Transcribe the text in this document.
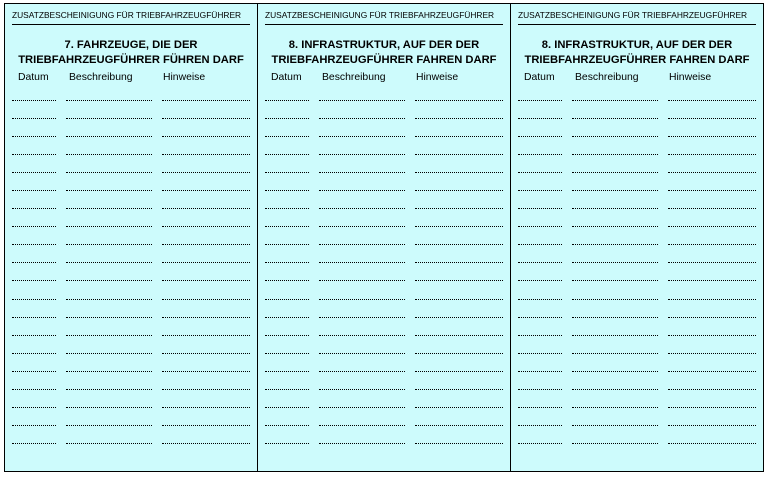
ZUSATZBESCHEINIGUNG FÜR TRIEBFAHRZEUGFÜHRER
7. FAHRZEUGE, DIE DER
TRIEBFAHRZEUGFÜHRER FÜHREN DARF
Datum Beschreibung	Hinweise
ZUSATZBESCHEINIGUNG FÜR TRIEBFAHRZEUGFÜHRER
8. INFRASTRUKTUR, AUF DER DER
TRIEBFAHRZEUGFÜHRER FAHREN DARF
Datum Beschreibung	Hinweise
ZUSATZBESCHEINIGUNG FÜR TRIEBFAHRZEUGFÜHRER
8. INFRASTRUKTUR, AUF DER DER
TRIEBFAHRZEUGFÜHRER FAHREN DARF
Datum Beschreibung	Hinweise
